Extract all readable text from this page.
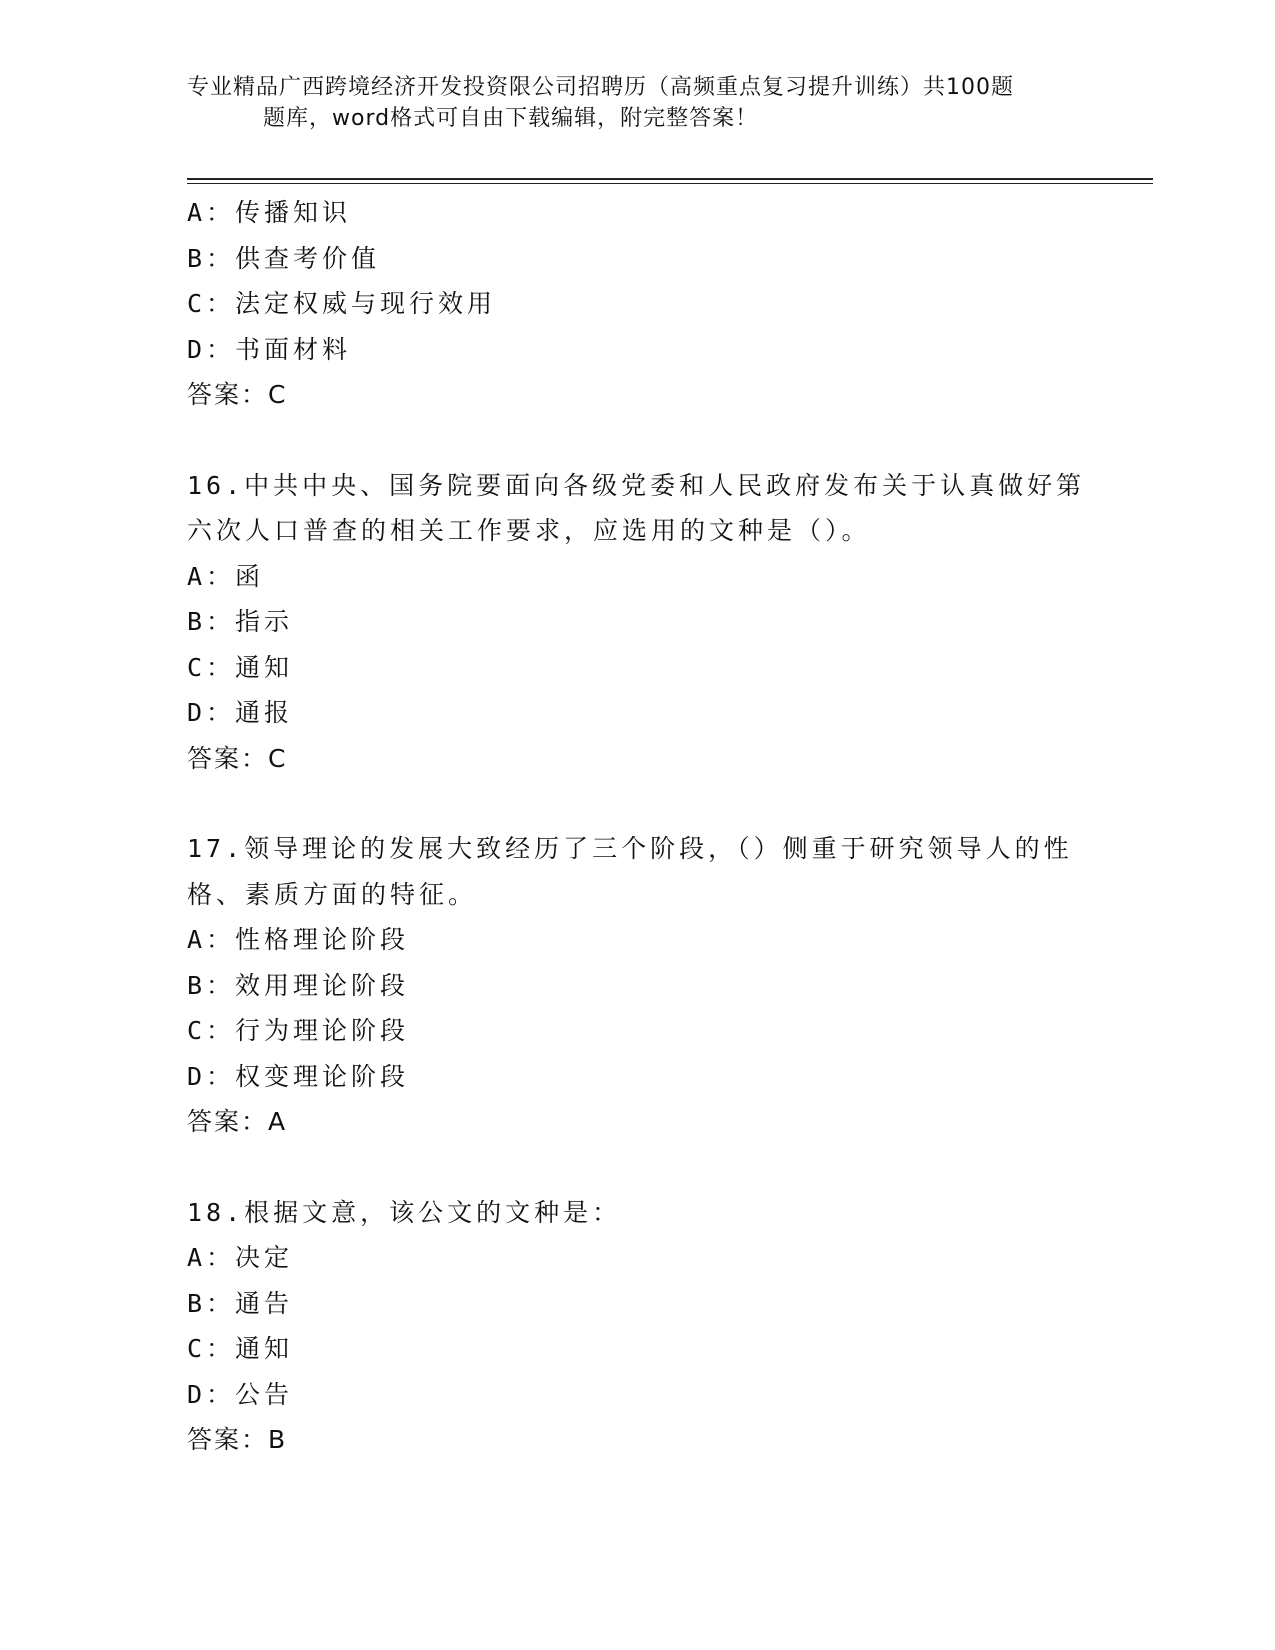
专业精品广西跨境经济开发投资限公司招聘历（高频重点复习提升训练）共100题
题库，word格式可自由下载编辑，附完整答案！
A：传播知识
B：供查考价值
C：法定权威与现行效用
D：书面材料
答案：C
16.中共中央、国务院要面向各级党委和人民政府发布关于认真做好第
六次人口普查的相关工作要求，应选用的文种是（）。
A：函
B：指示
C：通知
D：通报
答案：C
17.领导理论的发展大致经历了三个阶段，（）侧重于研究领导人的性
格、素质方面的特征。
A：性格理论阶段
B：效用理论阶段
C：行为理论阶段
D：权变理论阶段
答案：A
18.根据文意，该公文的文种是：
A：决定
B：通告
C：通知
D：公告
答案：B
